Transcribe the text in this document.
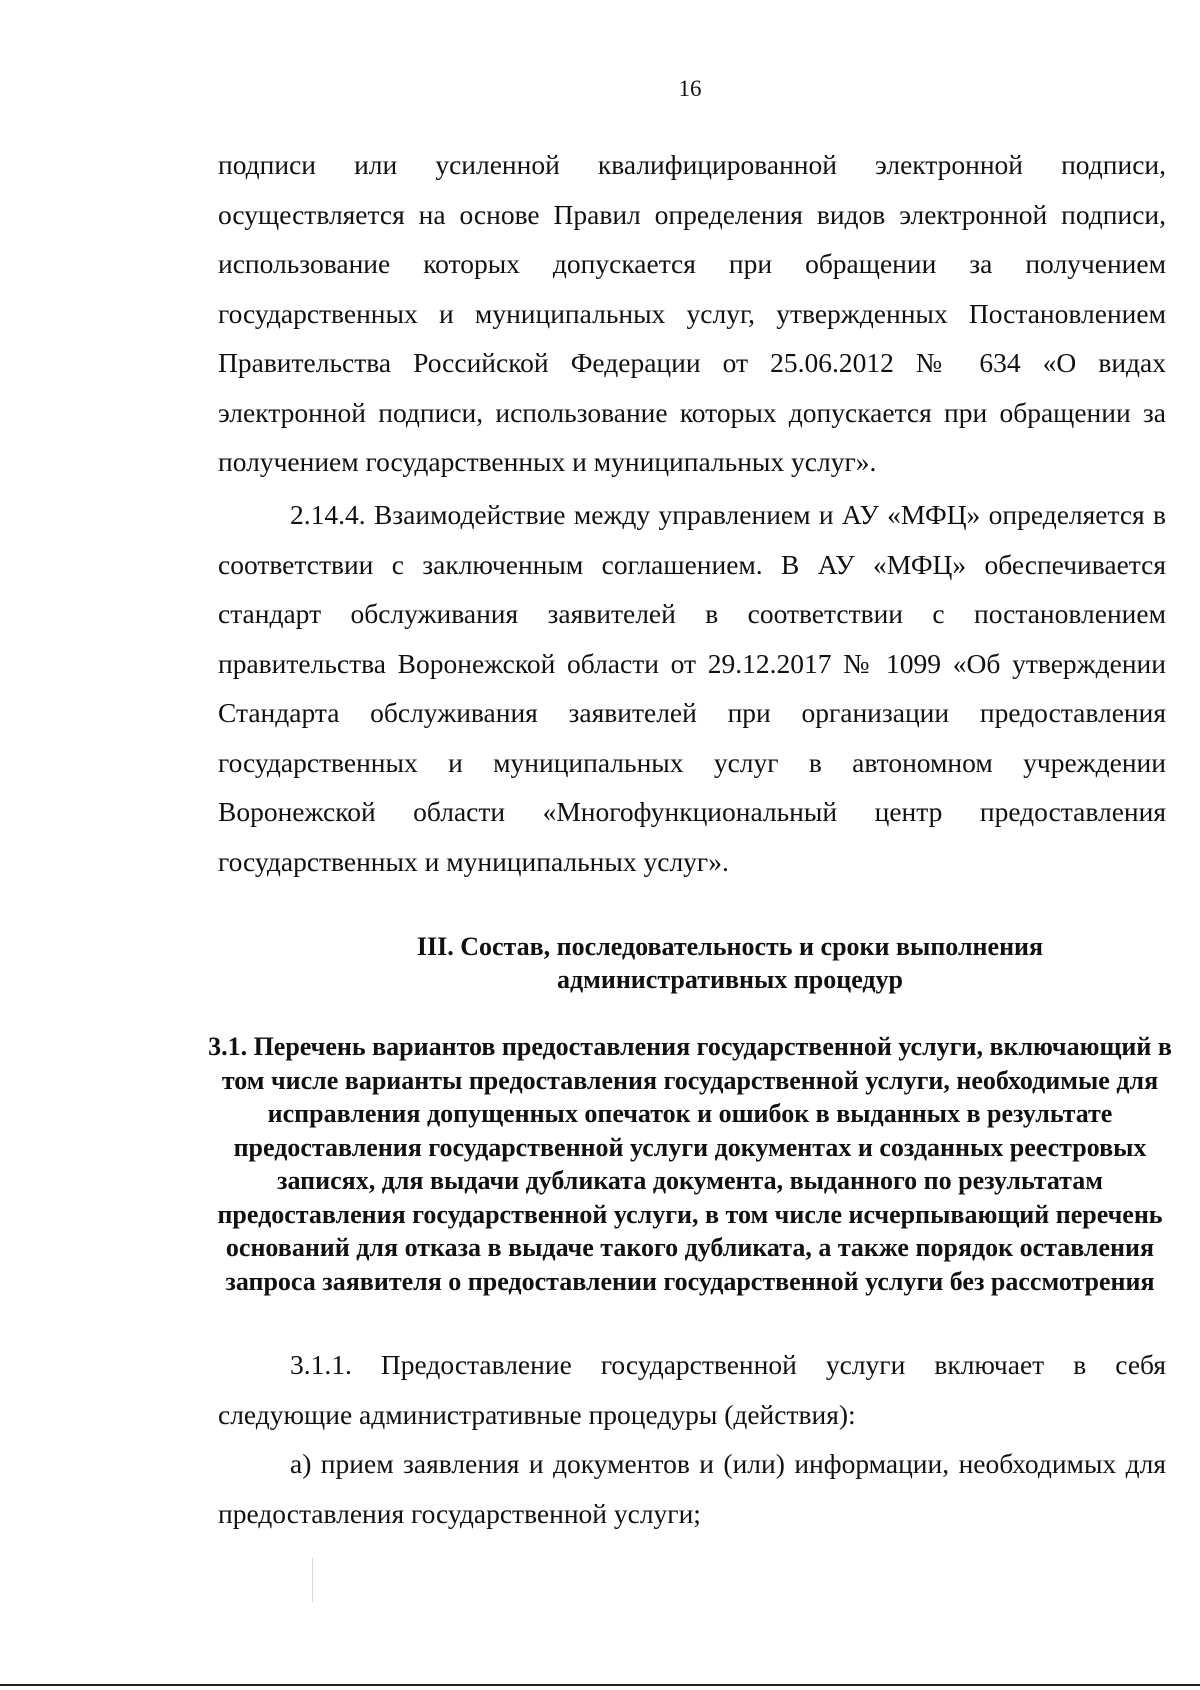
16

подписи или усиленной квалифицированной электронной подписи, осуществляется на основе Правил определения видов электронной подписи, использование которых допускается при обращении за получением государственных и муниципальных услуг, утвержденных Постановлением Правительства Российской Федерации от 25.06.2012 № 634 «О видах электронной подписи, использование которых допускается при обращении за получением государственных и муниципальных услуг».

2.14.4. Взаимодействие между управлением и АУ «МФЦ» определяется в соответствии с заключенным соглашением. В АУ «МФЦ» обеспечивается стандарт обслуживания заявителей в соответствии с постановлением правительства Воронежской области от 29.12.2017 № 1099 «Об утверждении Стандарта обслуживания заявителей при организации предоставления государственных и муниципальных услуг в автономном учреждении Воронежской области «Многофункциональный центр предоставления государственных и муниципальных услуг».

III. Состав, последовательность и сроки выполнения
административных процедур
3.1. Перечень вариантов предоставления государственной услуги, включающий в том числе варианты предоставления государственной услуги, необходимые для исправления допущенных опечаток и ошибок в выданных в результате предоставления государственной услуги документах и созданных реестровых записях, для выдачи дубликата документа, выданного по результатам предоставления государственной услуги, в том числе исчерпывающий перечень оснований для отказа в выдаче такого дубликата, а также порядок оставления запроса заявителя о предоставлении государственной услуги без рассмотрения

3.1.1. Предоставление государственной услуги включает в себя следующие административные процедуры (действия):

а) прием заявления и документов и (или) информации, необходимых для предоставления государственной услуги;
